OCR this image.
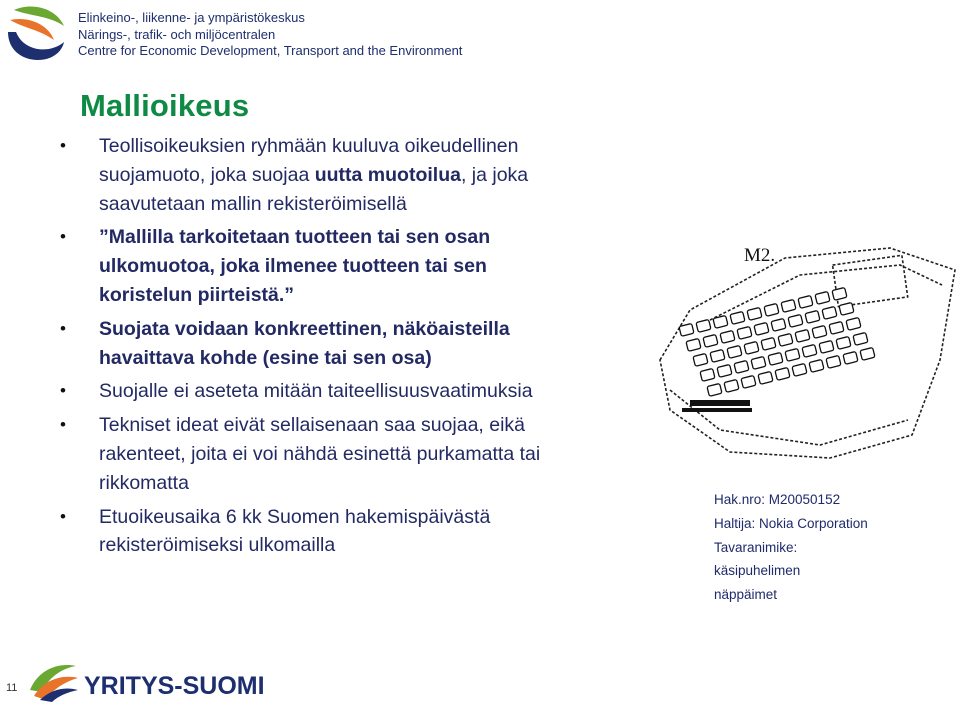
Elinkeino-, liikenne- ja ympäristökeskus
Närings-, trafik- och miljöcentralen
Centre for Economic Development, Transport and the Environment
Mallioikeus
• Teollisoikeuksien ryhmään kuuluva oikeudellinen suojamuoto, joka suojaa uutta muotoilua, ja joka saavutetaan mallin rekisteröimisellä
• ”Mallilla tarkoitetaan tuotteen tai sen osan ulkomuotoa, joka ilmenee tuotteen tai sen koristelun piirteistä.”
• Suojata voidaan konkreettinen, näköaisteilla havaittava kohde (esine tai sen osa)
• Suojalle ei aseteta mitään taiteellisuusvaatimuksia
• Tekniset ideat eivät sellaisenaan saa suojaa, eikä rakenteet, joita ei voi nähdä esinettä purkamatta tai rikkomatta
• Etuoikeusaika 6 kk Suomen hakemispäivästä rekisteröimiseksi ulkomailla
M2.
Hak.nro: M20050152
Haltija: Nokia Corporation
Tavaranimike:
käsipuhelimen
näppäimet
11	YRITYS-SUOMI
